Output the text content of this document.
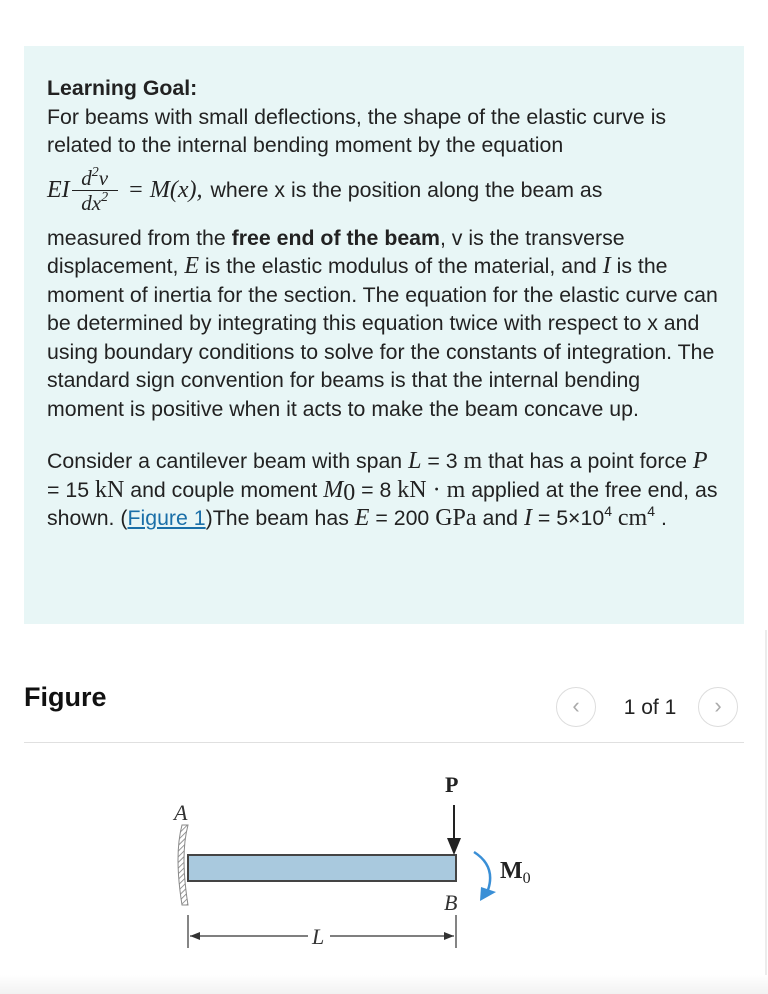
Learning Goal:

For beams with small deflections, the shape of the elastic curve is related to the internal bending moment by the equation

EI $\frac{d^2v}{dx^2} = M(x)$, where x is the position along the beam as

measured from the free end of the beam, v is the transverse displacement, E is the elastic modulus of the material, and I is the moment of inertia for the section. The equation for the elastic curve can be determined by integrating this equation twice with respect to x and using boundary conditions to solve for the constants of integration. The standard sign convention for beams is that the internal bending moment is positive when it acts to make the beam concave up.

Consider a cantilever beam with span L = 3 m that has a point force P = 15 kN and couple moment $M_0 = 8$ kN · m applied at the free end, as shown. (Figure 1)The beam has E = 200 GPa and $I = 5\times 10^4$ $cm^4$ .

Figure	‹	1 of 1	›
A
P
$M_0$
B
L
